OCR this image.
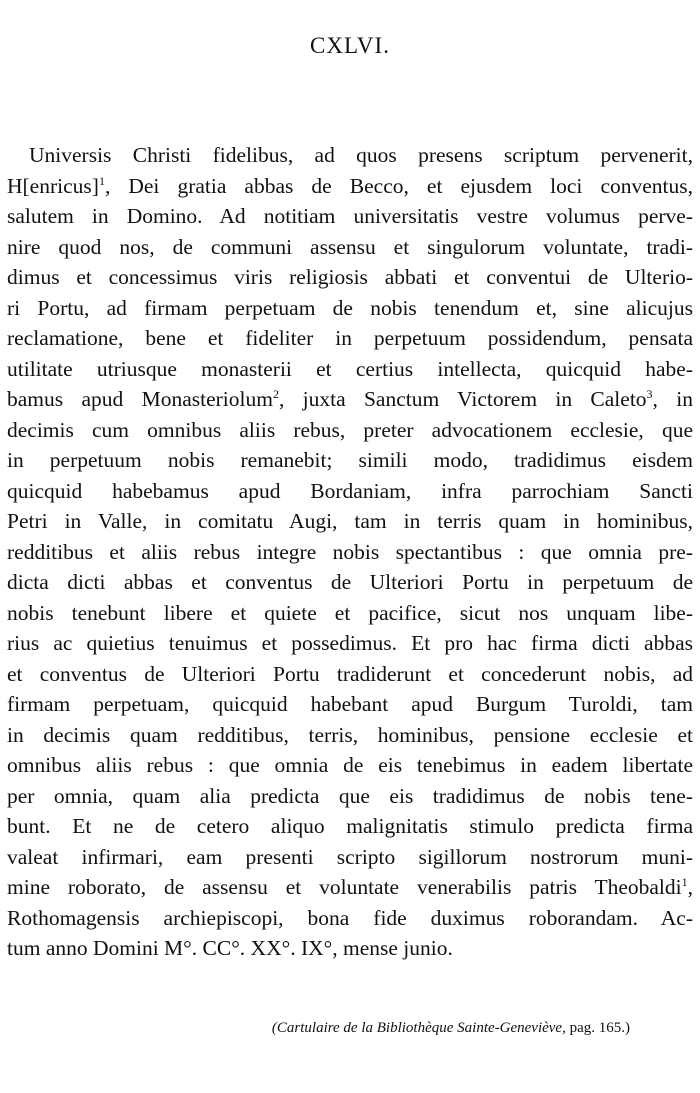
CXLVI.
Universis Christi fidelibus, ad quos presens scriptum pervenerit,
H[enricus]$^1$, Dei gratia abbas de Becco, et ejusdem loci conventus,
salutem in Domino. Ad notitiam universitatis vestre volumus perve-
nire quod nos, de communi assensu et singulorum voluntate, tradi-
dimus et concessimus viris religiosis abbati et conventui de Ulterio-
ri Portu, ad firmam perpetuam de nobis tenendum et, sine alicujus
reclamatione, bene et fideliter in perpetuum possidendum, pensata
utilitate utriusque monasterii et certius intellecta, quicquid habe-
bamus apud Monasteriolum$^2$, juxta Sanctum Victorem in Caleto$^3$, in
decimis cum omnibus aliis rebus, preter advocationem ecclesie, que
in perpetuum nobis remanebit; simili modo, tradidimus eisdem
quicquid habebamus apud Bordaniam, infra parrochiam Sancti
Petri in Valle, in comitatu Augi, tam in terris quam in hominibus,
redditibus et aliis rebus integre nobis spectantibus : que omnia pre-
dicta dicti abbas et conventus de Ulteriori Portu in perpetuum de
nobis tenebunt libere et quiete et pacifice, sicut nos unquam libe-
rius ac quietius tenuimus et possedimus. Et pro hac firma dicti abbas
et conventus de Ulteriori Portu tradiderunt et concederunt nobis, ad
firmam perpetuam, quicquid habebant apud Burgum Turoldi, tam
in decimis quam redditibus, terris, hominibus, pensione ecclesie et
omnibus aliis rebus : que omnia de eis tenebimus in eadem libertate
per omnia, quam alia predicta que eis tradidimus de nobis tene-
bunt. Et ne de cetero aliquo malignitatis stimulo predicta firma
valeat infirmari, eam presenti scripto sigillorum nostrorum muni-
mine roborato, de assensu et voluntate venerabilis patris Theobaldi$^1$,
Rothomagensis archiepiscopi, bona fide duximus roborandam. Ac-
tum anno Domini M°. CC°. XX°. IX°, mense junio.
(Cartulaire de la Bibliothèque Sainte-Geneviève, pag. 165.)
